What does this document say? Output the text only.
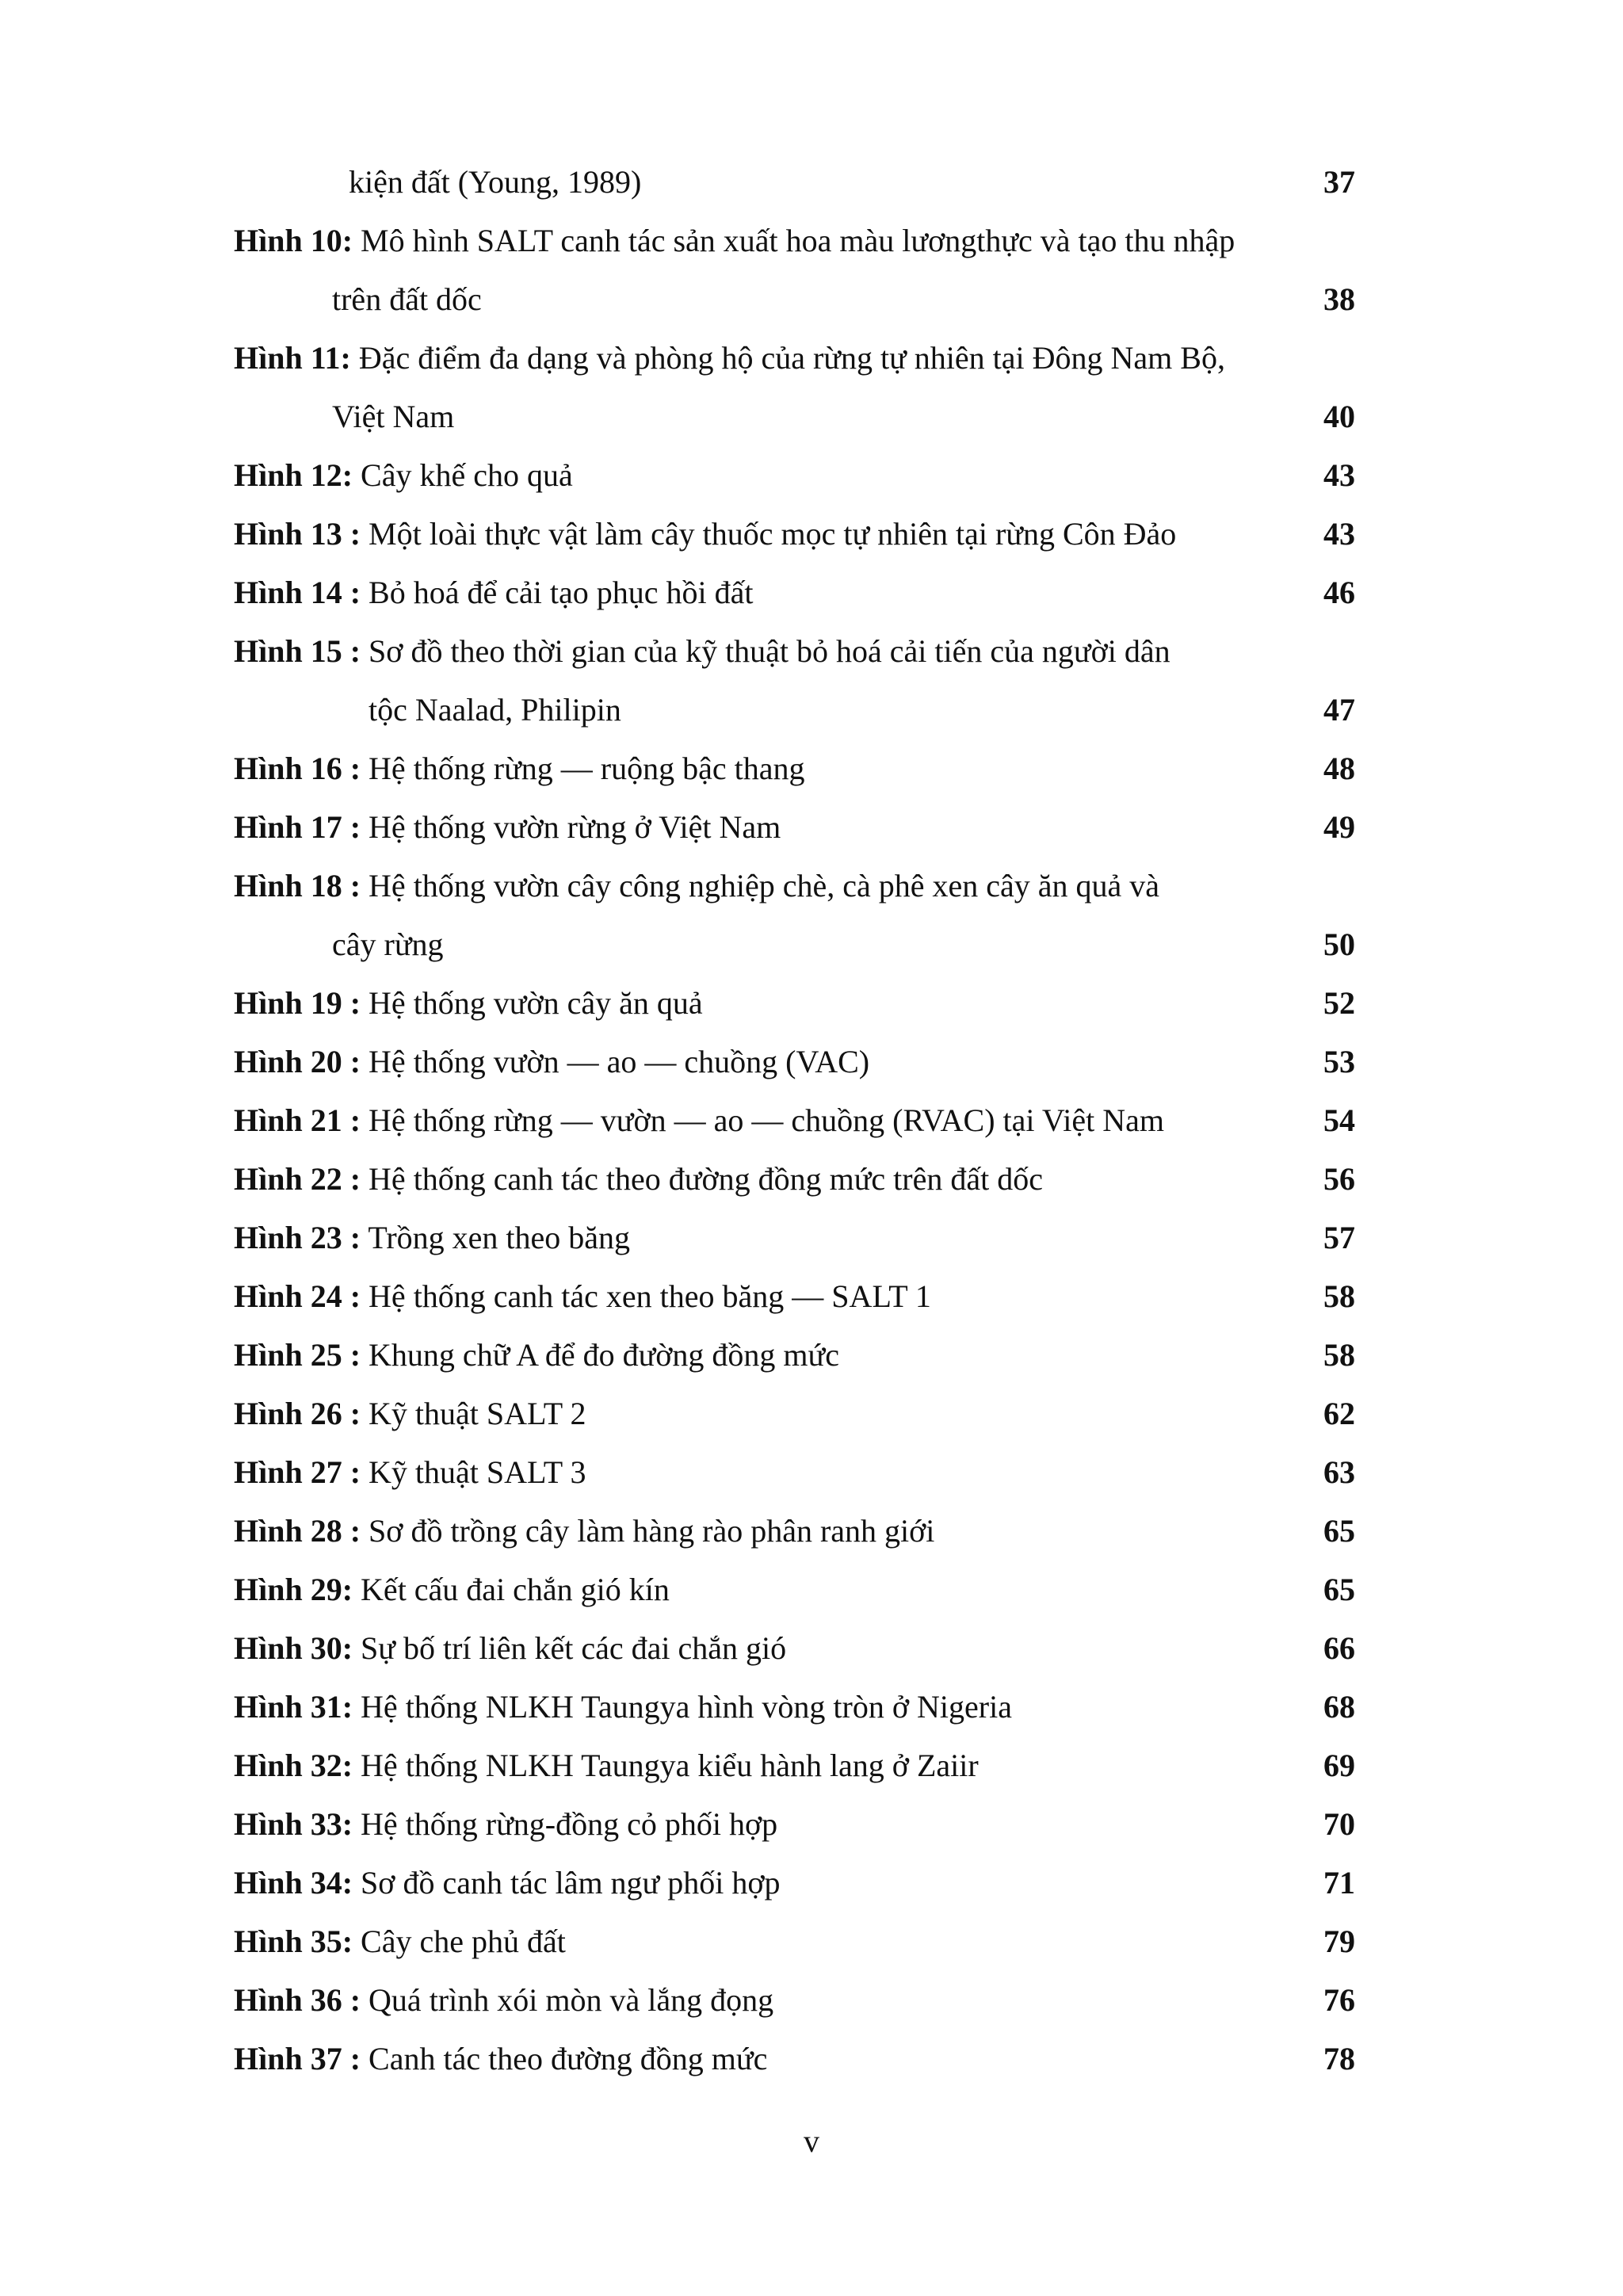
kiện đất (Young, 1989)	37
Hình 10: Mô hình SALT canh tác sản xuất hoa màu lươngthực và tạo thu nhập
trên đất dốc	38
Hình 11: Đặc điểm đa dạng và phòng hộ của rừng tự nhiên tại Đông Nam Bộ,
Việt Nam	40
Hình 12: Cây khế cho quả	43
Hình 13 : Một loài thực vật làm cây thuốc mọc tự nhiên tại rừng Côn Đảo	43
Hình 14 : Bỏ hoá để cải tạo phục hồi đất	46
Hình 15 : Sơ đồ theo thời gian của kỹ thuật bỏ hoá cải tiến của người dân
tộc Naalad, Philipin	47
Hình 16 : Hệ thống rừng — ruộng bậc thang	48
Hình 17 : Hệ thống vườn rừng ở Việt Nam	49
Hình 18 : Hệ thống vườn cây công nghiệp chè, cà phê xen cây ăn quả và
cây rừng	50
Hình 19 : Hệ thống vườn cây ăn quả	52
Hình 20 : Hệ thống vườn — ao — chuồng (VAC)	53
Hình 21 : Hệ thống rừng — vườn — ao — chuồng (RVAC) tại Việt Nam	54
Hình 22 : Hệ thống canh tác theo đường đồng mức trên đất dốc	56
Hình 23 : Trồng xen theo băng	57
Hình 24 : Hệ thống canh tác xen theo băng — SALT 1	58
Hình 25 : Khung chữ A để đo đường đồng mức	58
Hình 26 : Kỹ thuật SALT 2	62
Hình 27 : Kỹ thuật SALT 3	63
Hình 28 : Sơ đồ trồng cây làm hàng rào phân ranh giới	65
Hình 29: Kết cấu đai chắn gió kín	65
Hình 30: Sự bố trí liên kết các đai chắn gió	66
Hình 31: Hệ thống NLKH Taungya hình vòng tròn ở Nigeria	68
Hình 32: Hệ thống NLKH Taungya kiểu hành lang ở Zaiir	69
Hình 33: Hệ thống rừng-đồng cỏ phối hợp	70
Hình 34: Sơ đồ canh tác lâm ngư phối hợp	71
Hình 35: Cây che phủ đất	79
Hình 36 : Quá trình xói mòn và lắng đọng	76
Hình 37 : Canh tác theo đường đồng mức	78
v
